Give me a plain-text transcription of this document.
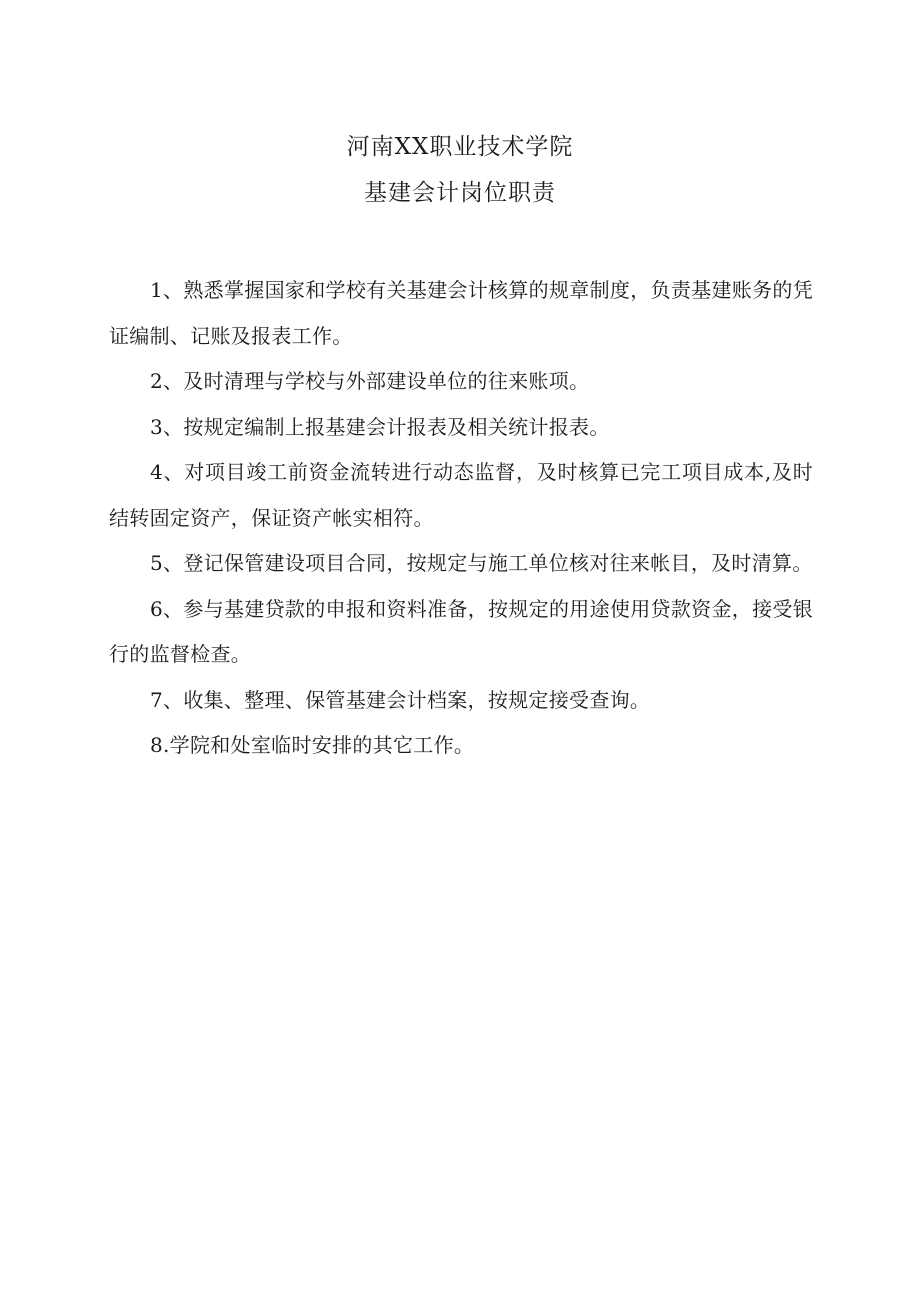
河南XX职业技术学院
基建会计岗位职责

1、熟悉掌握国家和学校有关基建会计核算的规章制度，负责基建账务的凭证编制、记账及报表工作。

2、及时清理与学校与外部建设单位的往来账项。

3、按规定编制上报基建会计报表及相关统计报表。

4、对项目竣工前资金流转进行动态监督，及时核算已完工项目成本,及时结转固定资产，保证资产帐实相符。

5、登记保管建设项目合同，按规定与施工单位核对往来帐目，及时清算。

6、参与基建贷款的申报和资料准备，按规定的用途使用贷款资金，接受银行的监督检查。

7、收集、整理、保管基建会计档案，按规定接受查询。

8.学院和处室临时安排的其它工作。
